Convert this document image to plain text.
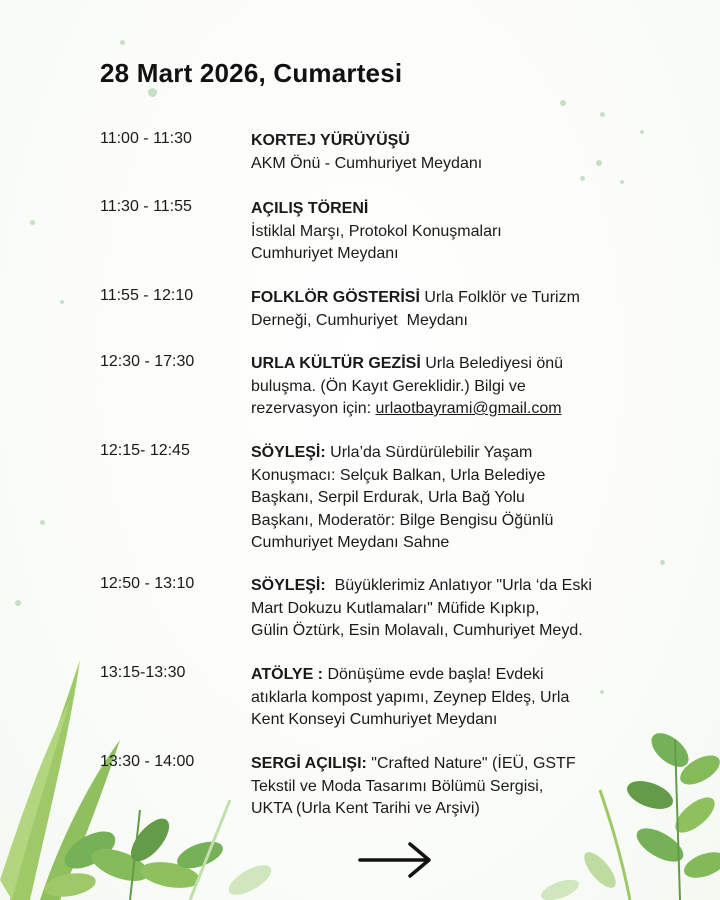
28 Mart 2026, Cumartesi
11:00 - 11:30	KORTEJ YÜRÜYÜŞÜ
AKM Önü - Cumhuriyet Meydanı
11:30 - 11:55	AÇILIŞ TÖRENİ
İstiklal Marşı, Protokol Konuşmaları
Cumhuriyet Meydanı
11:55 - 12:10	FOLKLÖR GÖSTERİSİ Urla Folklör ve Turizm
Derneği, Cumhuriyet  Meydanı
12:30 - 17:30	URLA KÜLTÜR GEZİSİ Urla Belediyesi önü
buluşma. (Ön Kayıt Gereklidir.) Bilgi ve
rezervasyon için: urlaotbayrami@gmail.com
12:15- 12:45	SÖYLEŞİ: Urla’da Sürdürülebilir Yaşam
Konuşmacı: Selçuk Balkan, Urla Belediye
Başkanı, Serpil Erdurak, Urla Bağ Yolu
Başkanı, Moderatör: Bilge Bengisu Öğünlü
Cumhuriyet Meydanı Sahne
12:50 - 13:10	SÖYLEŞİ:  Büyüklerimiz Anlatıyor "Urla ‘da Eski
Mart Dokuzu Kutlamaları" Müfide Kıpkıp,
Gülin Öztürk, Esin Molavalı, Cumhuriyet Meyd.
13:15-13:30	ATÖLYE : Dönüşüme evde başla! Evdeki
atıklarla kompost yapımı, Zeynep Eldeş, Urla
Kent Konseyi Cumhuriyet Meydanı
13:30 - 14:00	SERGİ AÇILIŞI: "Crafted Nature" (İEÜ, GSTF
Tekstil ve Moda Tasarımı Bölümü Sergisi,
UKTA (Urla Kent Tarihi ve Arşivi)
